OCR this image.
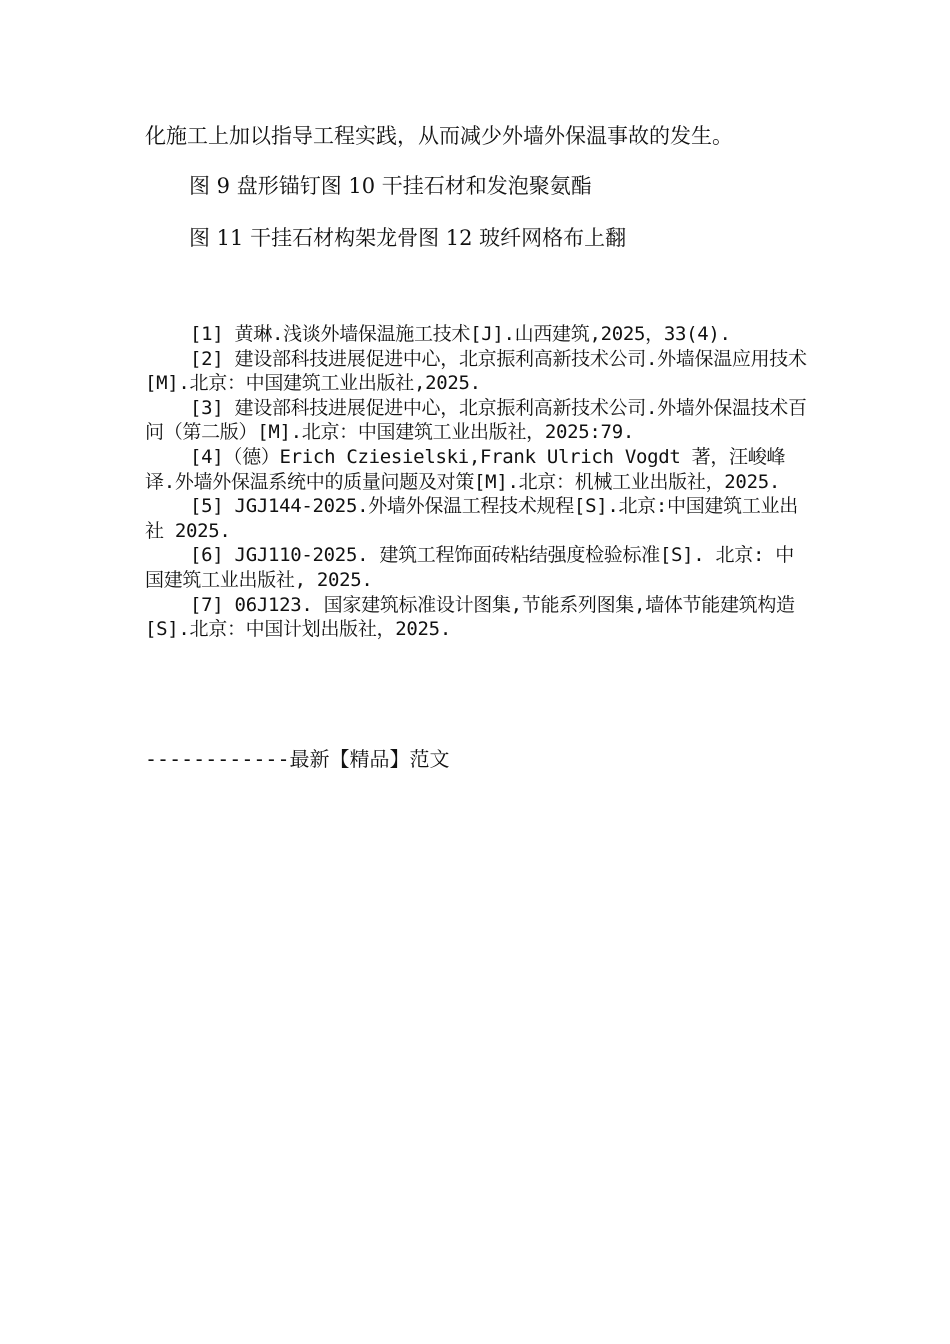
化施工上加以指导工程实践，从而减少外墙外保温事故的发生。
图 9 盘形锚钉图 10 干挂石材和发泡聚氨酯
图 11 干挂石材构架龙骨图 12 玻纤网格布上翻

[1] 黄琳.浅谈外墙保温施工技术[J].山西建筑,2025，33(4).

[2] 建设部科技进展促进中心，北京振利高新技术公司.外墙保温应用技术[M].北京：中国建筑工业出版社,2025.

[3] 建设部科技进展促进中心，北京振利高新技术公司.外墙外保温技术百问（第二版）[M].北京：中国建筑工业出版社，2025:79.

[4]（德）Erich Cziesielski,Frank Ulrich Vogdt 著，汪峻峰译.外墙外保温系统中的质量问题及对策[M].北京：机械工业出版社，2025.

[5] JGJ144-2025.外墙外保温工程技术规程[S].北京:中国建筑工业出社 2025.

[6] JGJ110-2025. 建筑工程饰面砖粘结强度检验标准[S]. 北京: 中国建筑工业出版社, 2025.

[7] 06J123. 国家建筑标准设计图集,节能系列图集,墙体节能建筑构造[S].北京：中国计划出版社，2025.

------------最新【精品】范文
